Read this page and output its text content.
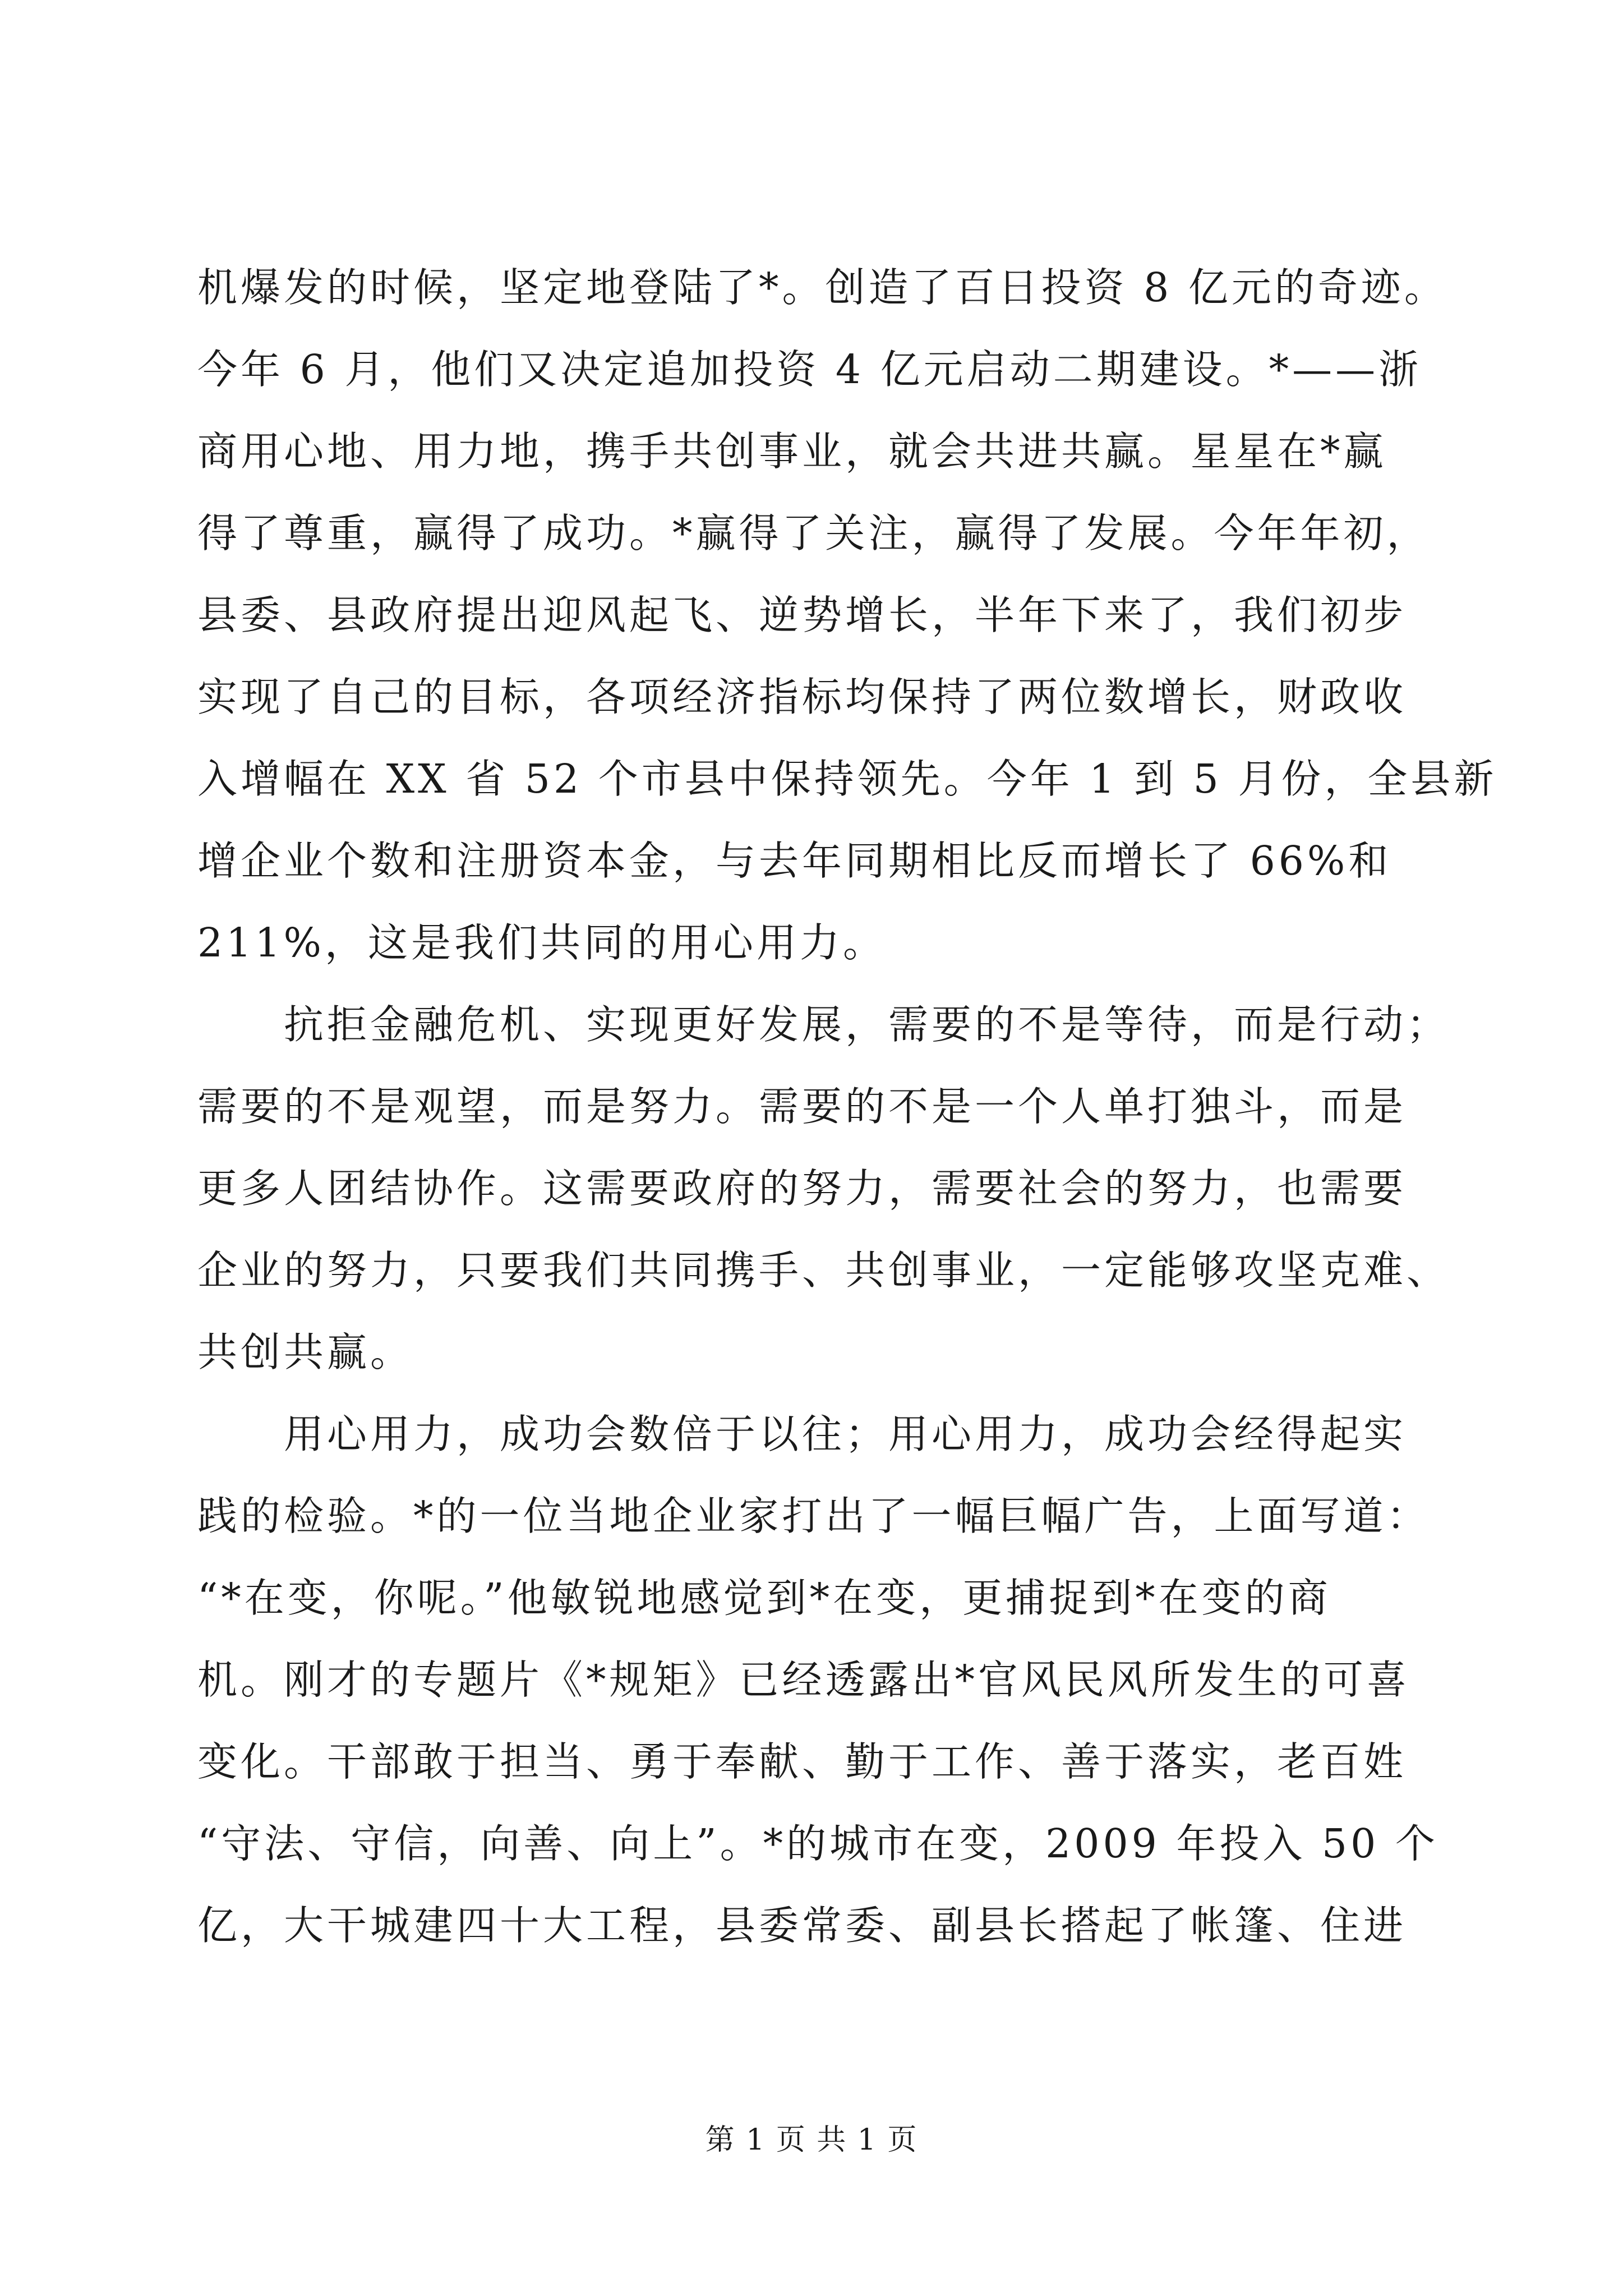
机爆发的时候，坚定地登陆了*。创造了百日投资 8 亿元的奇迹。
今年 6 月，他们又决定追加投资 4 亿元启动二期建设。*——浙
商用心地、用力地，携手共创事业，就会共进共赢。星星在*赢
得了尊重，赢得了成功。*赢得了关注，赢得了发展。今年年初，
县委、县政府提出迎风起飞、逆势增长，半年下来了，我们初步
实现了自己的目标，各项经济指标均保持了两位数增长，财政收
入增幅在 XX 省 52 个市县中保持领先。今年 1 到 5 月份，全县新
增企业个数和注册资本金，与去年同期相比反而增长了 66%和
211%，这是我们共同的用心用力。
　　抗拒金融危机、实现更好发展，需要的不是等待，而是行动；
需要的不是观望，而是努力。需要的不是一个人单打独斗，而是
更多人团结协作。这需要政府的努力，需要社会的努力，也需要
企业的努力，只要我们共同携手、共创事业，一定能够攻坚克难、
共创共赢。
　　用心用力，成功会数倍于以往；用心用力，成功会经得起实
践的检验。*的一位当地企业家打出了一幅巨幅广告，上面写道：
“*在变，你呢。”他敏锐地感觉到*在变，更捕捉到*在变的商
机。刚才的专题片《*规矩》已经透露出*官风民风所发生的可喜
变化。干部敢于担当、勇于奉献、勤于工作、善于落实，老百姓
“守法、守信，向善、向上”。*的城市在变，2009 年投入 50 个
亿，大干城建四十大工程，县委常委、副县长搭起了帐篷、住进
第 1 页 共 1 页
